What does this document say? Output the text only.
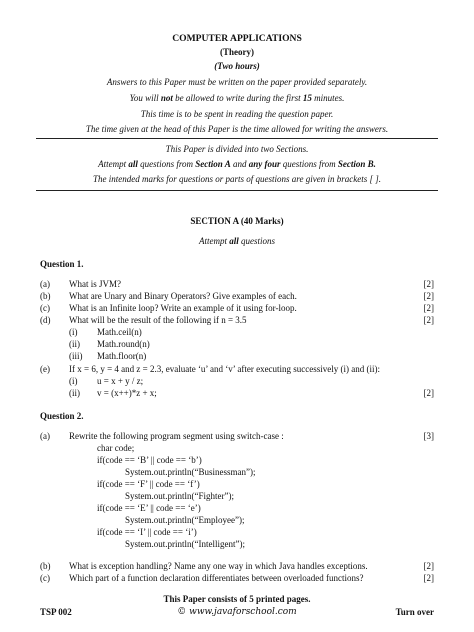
COMPUTER APPLICATIONS
(Theory)
(Two hours)
Answers to this Paper must be written on the paper provided separately.
You will not be allowed to write during the first 15 minutes.
This time is to be spent in reading the question paper.
The time given at the head of this Paper is the time allowed for writing the answers.
This Paper is divided into two Sections.
Attempt all questions from Section A and any four questions from Section B.
The intended marks for questions or parts of questions are given in brackets [ ].
SECTION A (40 Marks)
Attempt all questions
Question 1.
(a) What is JVM?	[2]
(b) What are Unary and Binary Operators? Give examples of each.	[2]
(c) What is an Infinite loop? Write an example of it using for-loop.	[2]
(d) What will be the result of the following if n = 3.5	[2]
(i) Math.ceil(n)
(ii) Math.round(n)
(iii) Math.floor(n)
(e) If x = 6, y = 4 and z = 2.3, evaluate ‘u’ and ‘v’ after executing successively (i) and (ii):
(i) u = x + y / z;
(ii) v = (x++)*z + x;	[2]
Question 2.
(a) Rewrite the following program segment using switch-case :	[3]
char code;
if(code == ‘B’ || code == ‘b’)
System.out.println(“Businessman”);
if(code == ‘F’ || code == ‘f’)
System.out.println(“Fighter”);
if(code == ‘E’ || code == ‘e’)
System.out.println(“Employee”);
if(code == ‘I’ || code == ‘i’)
System.out.println(“Intelligent”);
(b) What is exception handling? Name any one way in which Java handles exceptions.	[2]
(c) Which part of a function declaration differentiates between overloaded functions?	[2]
This Paper consists of 5 printed pages.
TSP 002	© www.javaforschool.com	Turn over
